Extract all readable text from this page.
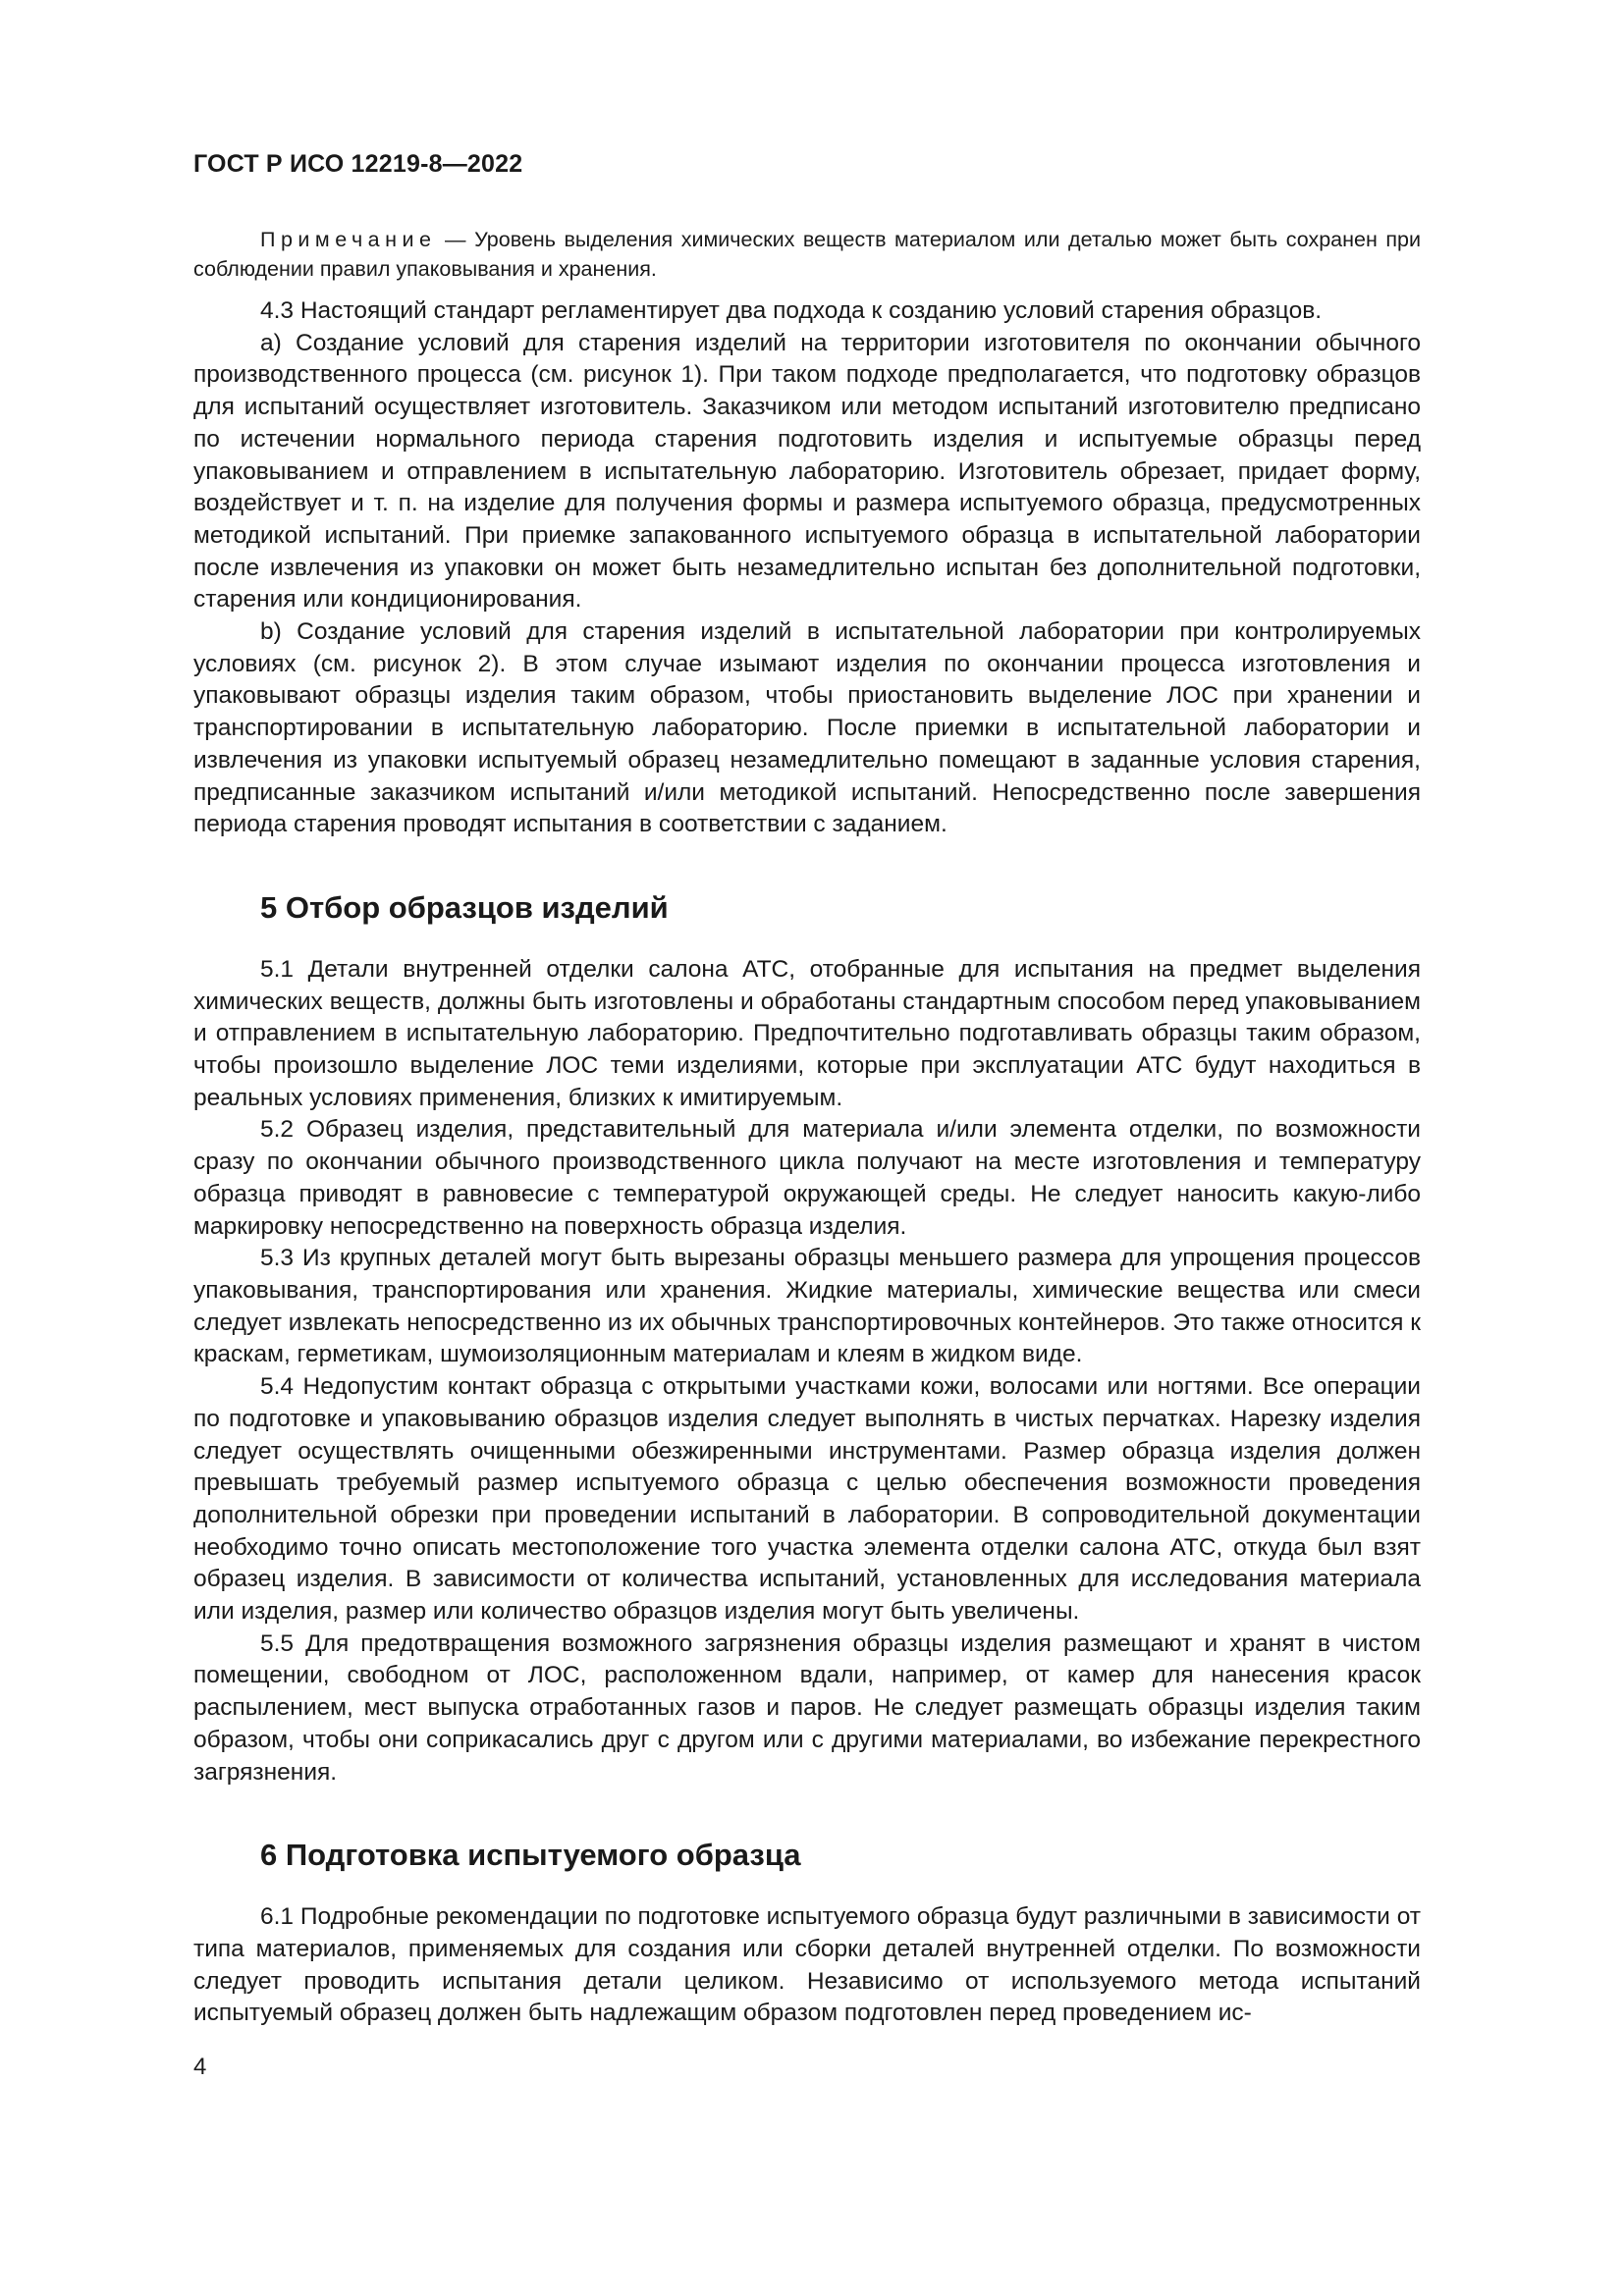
ГОСТ Р ИСО 12219-8—2022

Примечание — Уровень выделения химических веществ материалом или деталью может быть сохранен при соблюдении правил упаковывания и хранения.

4.3 Настоящий стандарт регламентирует два подхода к созданию условий старения образцов.

a) Создание условий для старения изделий на территории изготовителя по окончании обычного производственного процесса (см. рисунок 1). При таком подходе предполагается, что подготовку образцов для испытаний осуществляет изготовитель. Заказчиком или методом испытаний изготовителю предписано по истечении нормального периода старения подготовить изделия и испытуемые образцы перед упаковыванием и отправлением в испытательную лабораторию. Изготовитель обрезает, придает форму, воздействует и т. п. на изделие для получения формы и размера испытуемого образца, предусмотренных методикой испытаний. При приемке запакованного испытуемого образца в испытательной лаборатории после извлечения из упаковки он может быть незамедлительно испытан без дополнительной подготовки, старения или кондиционирования.

b) Создание условий для старения изделий в испытательной лаборатории при контролируемых условиях (см. рисунок 2). В этом случае изымают изделия по окончании процесса изготовления и упаковывают образцы изделия таким образом, чтобы приостановить выделение ЛОС при хранении и транспортировании в испытательную лабораторию. После приемки в испытательной лаборатории и извлечения из упаковки испытуемый образец незамедлительно помещают в заданные условия старения, предписанные заказчиком испытаний и/или методикой испытаний. Непосредственно после завершения периода старения проводят испытания в соответствии с заданием.

5 Отбор образцов изделий

5.1 Детали внутренней отделки салона АТС, отобранные для испытания на предмет выделения химических веществ, должны быть изготовлены и обработаны стандартным способом перед упаковыванием и отправлением в испытательную лабораторию. Предпочтительно подготавливать образцы таким образом, чтобы произошло выделение ЛОС теми изделиями, которые при эксплуатации АТС будут находиться в реальных условиях применения, близких к имитируемым.

5.2 Образец изделия, представительный для материала и/или элемента отделки, по возможности сразу по окончании обычного производственного цикла получают на месте изготовления и температуру образца приводят в равновесие с температурой окружающей среды. Не следует наносить какую-либо маркировку непосредственно на поверхность образца изделия.

5.3 Из крупных деталей могут быть вырезаны образцы меньшего размера для упрощения процессов упаковывания, транспортирования или хранения. Жидкие материалы, химические вещества или смеси следует извлекать непосредственно из их обычных транспортировочных контейнеров. Это также относится к краскам, герметикам, шумоизоляционным материалам и клеям в жидком виде.

5.4 Недопустим контакт образца с открытыми участками кожи, волосами или ногтями. Все операции по подготовке и упаковыванию образцов изделия следует выполнять в чистых перчатках. Нарезку изделия следует осуществлять очищенными обезжиренными инструментами. Размер образца изделия должен превышать требуемый размер испытуемого образца с целью обеспечения возможности проведения дополнительной обрезки при проведении испытаний в лаборатории. В сопроводительной документации необходимо точно описать местоположение того участка элемента отделки салона АТС, откуда был взят образец изделия. В зависимости от количества испытаний, установленных для исследования материала или изделия, размер или количество образцов изделия могут быть увеличены.

5.5 Для предотвращения возможного загрязнения образцы изделия размещают и хранят в чистом помещении, свободном от ЛОС, расположенном вдали, например, от камер для нанесения красок распылением, мест выпуска отработанных газов и паров. Не следует размещать образцы изделия таким образом, чтобы они соприкасались друг с другом или с другими материалами, во избежание перекрестного загрязнения.

6 Подготовка испытуемого образца

6.1 Подробные рекомендации по подготовке испытуемого образца будут различными в зависимости от типа материалов, применяемых для создания или сборки деталей внутренней отделки. По возможности следует проводить испытания детали целиком. Независимо от используемого метода испытаний испытуемый образец должен быть надлежащим образом подготовлен перед проведением ис-

4
